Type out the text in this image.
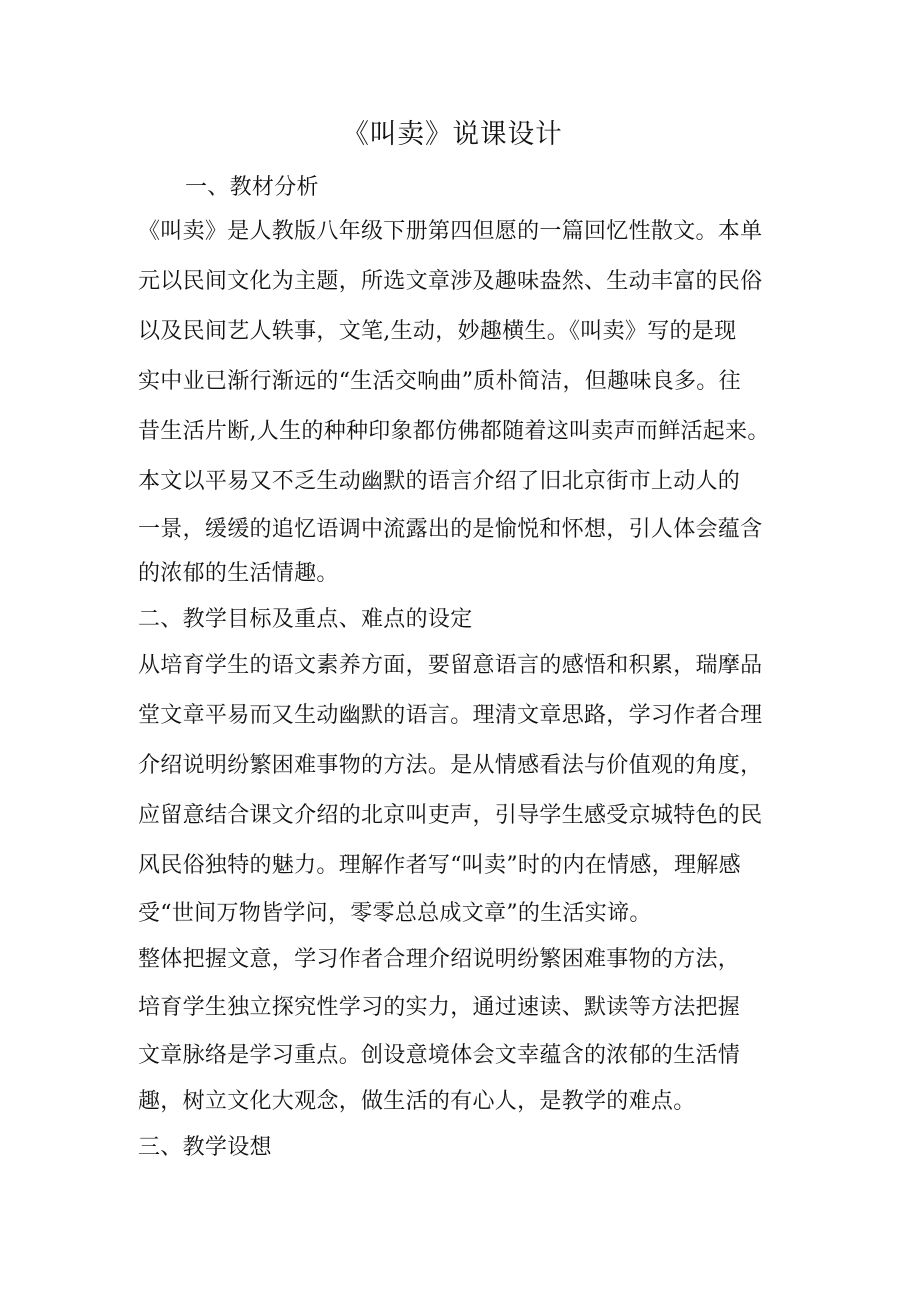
《叫卖》说课设计
一、教材分析
《叫卖》是人教版八年级下册第四但愿的一篇回忆性散文。本单
元以民间文化为主题，所选文章涉及趣味盎然、生动丰富的民俗
以及民间艺人轶事，文笔,生动，妙趣横生。《叫卖》写的是现
实中业已渐行渐远的“生活交响曲”质朴简洁，但趣味良多。往
昔生活片断,人生的种种印象都仿佛都随着这叫卖声而鲜活起来。
本文以平易又不乏生动幽默的语言介绍了旧北京街市上动人的
一景，缓缓的追忆语调中流露出的是愉悦和怀想，引人体会蕴含
的浓郁的生活情趣。
二、教学目标及重点、难点的设定
从培育学生的语文素养方面，要留意语言的感悟和积累，瑞摩品
堂文章平易而又生动幽默的语言。理清文章思路，学习作者合理
介绍说明纷繁困难事物的方法。是从情感看法与价值观的角度，
应留意结合课文介绍的北京叫吏声，引导学生感受京城特色的民
风民俗独特的魅力。理解作者写“叫卖”时的内在情感，理解感
受“世间万物皆学问，零零总总成文章”的生活实谛。
整体把握文意，学习作者合理介绍说明纷繁困难事物的方法，
培育学生独立探究性学习的实力，通过速读、默读等方法把握
文章脉络是学习重点。创设意境体会文幸蕴含的浓郁的生活情
趣，树立文化大观念，做生活的有心人，是教学的难点。
三、教学设想
